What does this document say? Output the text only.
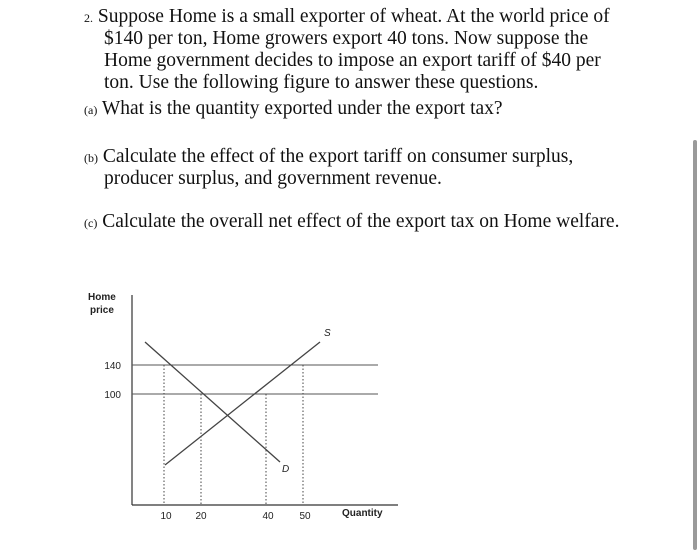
2. Suppose Home is a small exporter of wheat. At the world price of
$140 per ton, Home growers export 40 tons. Now suppose the
Home government decides to impose an export tariff of $40 per
ton. Use the following figure to answer these questions.
(a) What is the quantity exported under the export tax?
(b) Calculate the effect of the export tariff on consumer surplus,
producer surplus, and government revenue.
(c) Calculate the overall net effect of the export tax on Home welfare.
S
D
Home
price
Quantity
140
100
10 20	40	50
